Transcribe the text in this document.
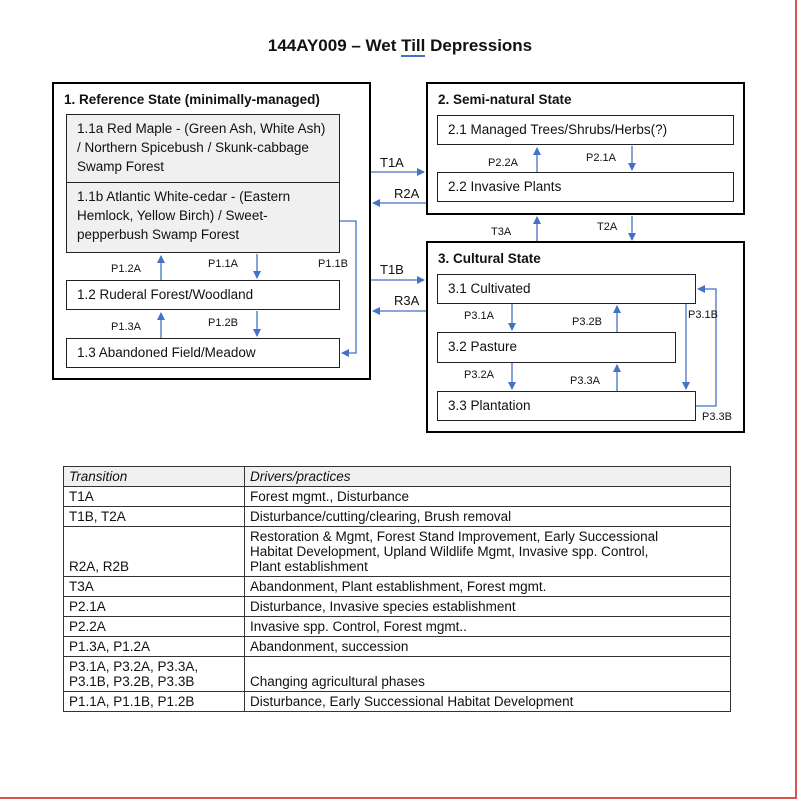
144AY009 – Wet Till Depressions
1. Reference State (minimally-managed)
1.1a Red Maple - (Green Ash, White Ash) / Northern Spicebush / Skunk-cabbage Swamp Forest
1.1b Atlantic White-cedar - (Eastern Hemlock, Yellow Birch) / Sweet-pepperbush Swamp Forest
1.2 Ruderal Forest/Woodland
1.3 Abandoned Field/Meadow
2. Semi-natural State
2.1 Managed Trees/Shrubs/Herbs(?)
2.2 Invasive Plants
3. Cultural State
3.1 Cultivated
3.2 Pasture
3.3 Plantation
P1.2A	P1.1A	P1.1B
P1.3A	P1.2B
P2.2A	P2.1A
T3A	T2A
T1A
R2A
T1B
R3A
P3.1A	P3.2B
P3.1B
P3.2A	P3.3A
P3.3B
Transition	Drivers/practices
T1A	Forest mgmt., Disturbance

T1B, T2A	Disturbance/cutting/clearing, Brush removal

R2A, R2B	Restoration & Mgmt, Forest Stand Improvement, Early Successional
Habitat Development, Upland Wildlife Mgmt, Invasive spp. Control,
Plant establishment

T3A	Abandonment, Plant establishment, Forest mgmt.

P2.1A	Disturbance, Invasive species establishment

P2.2A	Invasive spp. Control, Forest mgmt..

P1.3A, P1.2A	Abandonment, succession

P3.1A, P3.2A, P3.3A, P3.1B, P3.2B, P3.3B	Changing agricultural phases

P1.1A, P1.1B, P1.2B	Disturbance, Early Successional Habitat Development
